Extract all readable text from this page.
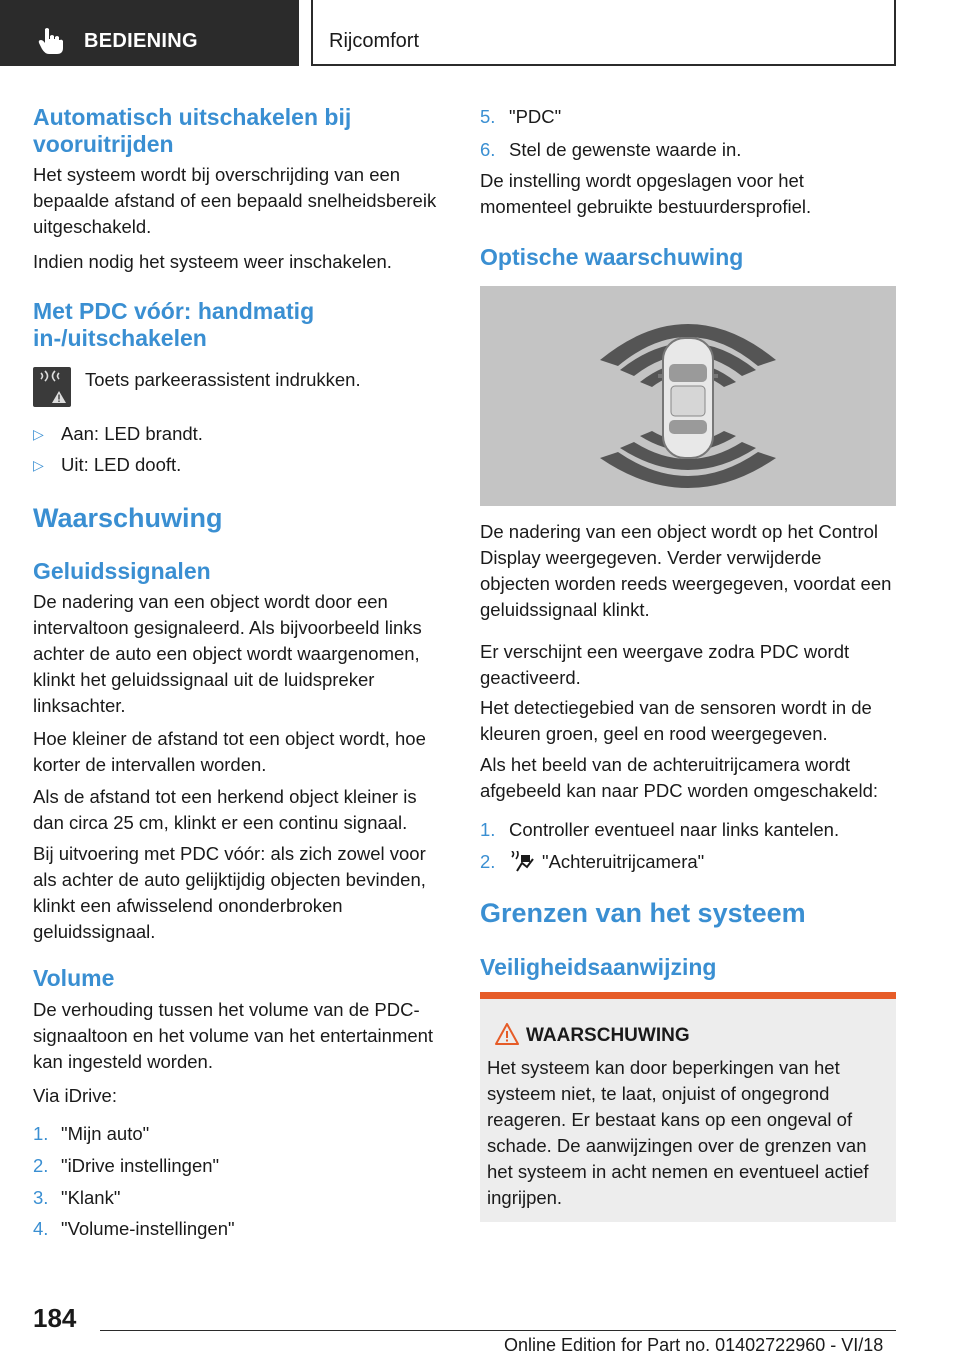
BEDIENING	Rijcomfort
Automatisch uitschakelen bij vooruitrijden
Het systeem wordt bij overschrijding van een bepaalde afstand of een bepaald snelheidsbereik uitgeschakeld.
Indien nodig het systeem weer inschakelen.
Met PDC vóór: handmatig in-/uitschakelen
Toets parkeerassistent indrukken.
▷ Aan: LED brandt.
▷ Uit: LED dooft.
Waarschuwing
Geluidssignalen
De nadering van een object wordt door een intervaltoon gesignaleerd. Als bijvoorbeeld links achter de auto een object wordt waargenomen, klinkt het geluidssignaal uit de luidspreker linksachter.
Hoe kleiner de afstand tot een object wordt, hoe korter de intervallen worden.
Als de afstand tot een herkend object kleiner is dan circa 25 cm, klinkt er een continu signaal.
Bij uitvoering met PDC vóór: als zich zowel voor als achter de auto gelijktijdig objecten bevinden, klinkt een afwisselend ononderbroken geluidssignaal.
Volume
De verhouding tussen het volume van de PDC-signaaltoon en het volume van het entertainment kan ingesteld worden.
Via iDrive:
1. "Mijn auto"
2. "iDrive instellingen"
3. "Klank"
4. "Volume-instellingen"
5. "PDC"
6. Stel de gewenste waarde in.
De instelling wordt opgeslagen voor het momenteel gebruikte bestuurdersprofiel.
Optische waarschuwing
De nadering van een object wordt op het Control Display weergegeven. Verder verwijderde objecten worden reeds weergegeven, voordat een geluidssignaal klinkt.
Er verschijnt een weergave zodra PDC wordt geactiveerd.
Het detectiegebied van de sensoren wordt in de kleuren groen, geel en rood weergegeven.
Als het beeld van de achteruitrijcamera wordt afgebeeld kan naar PDC worden omgeschakeld:
1. Controller eventueel naar links kantelen.
2.	"Achteruitrijcamera"
Grenzen van het systeem
Veiligheidsaanwijzing
WAARSCHUWING
Het systeem kan door beperkingen van het systeem niet, te laat, onjuist of ongegrond reageren. Er bestaat kans op een ongeval of schade. De aanwijzingen over de grenzen van het systeem in acht nemen en eventueel actief ingrijpen.
184
Online Edition for Part no. 01402722960 - VI/18
